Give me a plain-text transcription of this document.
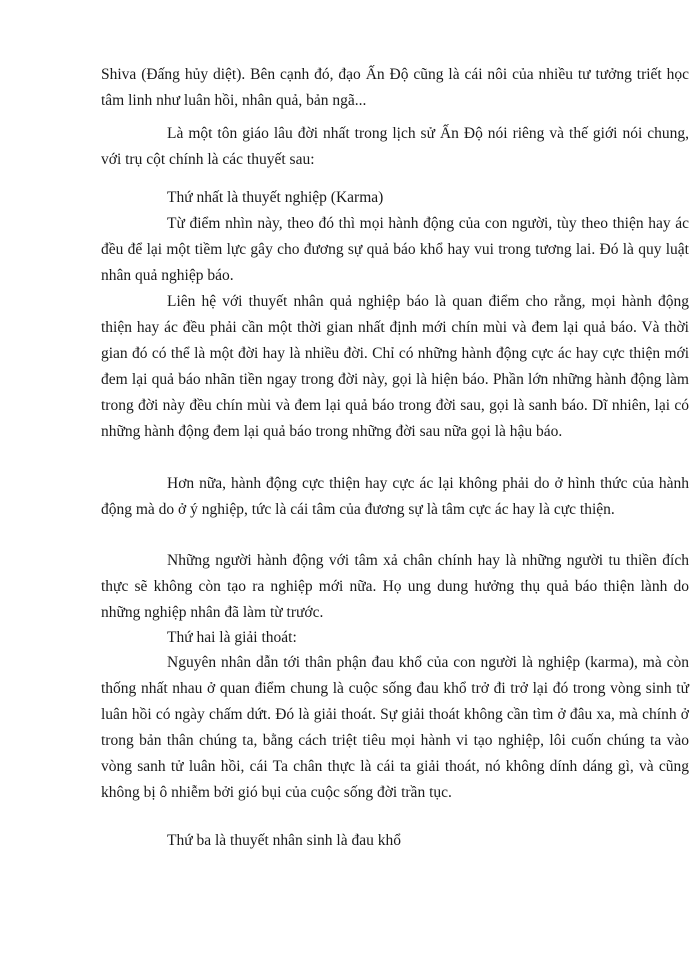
Shiva (Đấng hủy diệt). Bên cạnh đó, đạo Ấn Độ cũng là cái nôi của nhiều tư tưởng triết học tâm linh như luân hồi, nhân quả, bản ngã...

Là một tôn giáo lâu đời nhất trong lịch sử Ấn Độ nói riêng và thế giới nói chung, với trụ cột chính là các thuyết sau:

Thứ nhất là thuyết nghiệp (Karma)

Từ điểm nhìn này, theo đó thì mọi hành động của con người, tùy theo thiện hay ác đều để lại một tiềm lực gây cho đương sự quả báo khổ hay vui trong tương lai. Đó là quy luật nhân quả nghiệp báo.

Liên hệ với thuyết nhân quả nghiệp báo là quan điểm cho rằng, mọi hành động thiện hay ác đều phải cần một thời gian nhất định mới chín mùi và đem lại quả báo. Và thời gian đó có thể là một đời hay là nhiều đời. Chỉ có những hành động cực ác hay cực thiện mới đem lại quả báo nhãn tiền ngay trong đời này, gọi là hiện báo. Phần lớn những hành động làm trong đời này đều chín mùi và đem lại quả báo trong đời sau, gọi là sanh báo. Dĩ nhiên, lại có những hành động đem lại quả báo trong những đời sau nữa gọi là hậu báo.

Hơn nữa, hành động cực thiện hay cực ác lại không phải do ở hình thức của hành động mà do ở ý nghiệp, tức là cái tâm của đương sự là tâm cực ác hay là cực thiện.

Những người hành động với tâm xả chân chính hay là những người tu thiền đích thực sẽ không còn tạo ra nghiệp mới nữa. Họ ung dung hưởng thụ quả báo thiện lành do những nghiệp nhân đã làm từ trước.

Thứ hai là giải thoát:

Nguyên nhân dẫn tới thân phận đau khổ của con người là nghiệp (karma), mà còn thống nhất nhau ở quan điểm chung là cuộc sống đau khổ trở đi trở lại đó trong vòng sinh tử luân hồi có ngày chấm dứt. Đó là giải thoát. Sự giải thoát không cần tìm ở đâu xa, mà chính ở trong bản thân chúng ta, bằng cách triệt tiêu mọi hành vi tạo nghiệp, lôi cuốn chúng ta vào vòng sanh tử luân hồi, cái Ta chân thực là cái ta giải thoát, nó không dính dáng gì, và cũng không bị ô nhiễm bởi gió bụi của cuộc sống đời trần tục.

Thứ ba là thuyết nhân sinh là đau khổ
